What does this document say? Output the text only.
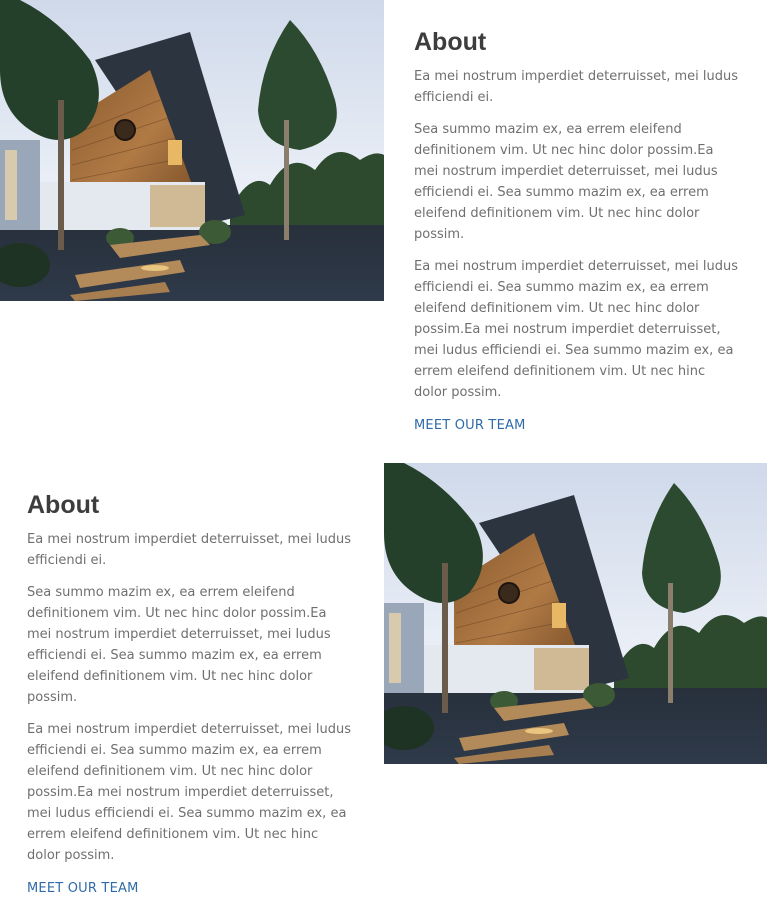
About

Ea mei nostrum imperdiet deterruisset, mei ludus efficiendi ei.

Sea summo mazim ex, ea errem eleifend definitionem vim. Ut nec hinc dolor possim.Ea mei nostrum imperdiet deterruisset, mei ludus efficiendi ei. Sea summo mazim ex, ea errem eleifend definitionem vim. Ut nec hinc dolor possim.

Ea mei nostrum imperdiet deterruisset, mei ludus efficiendi ei. Sea summo mazim ex, ea errem eleifend definitionem vim. Ut nec hinc dolor possim.Ea mei nostrum imperdiet deterruisset, mei ludus efficiendi ei. Sea summo mazim ex, ea errem eleifend definitionem vim. Ut nec hinc dolor possim.

MEET OUR TEAM
About

Ea mei nostrum imperdiet deterruisset, mei ludus efficiendi ei.

Sea summo mazim ex, ea errem eleifend definitionem vim. Ut nec hinc dolor possim.Ea mei nostrum imperdiet deterruisset, mei ludus efficiendi ei. Sea summo mazim ex, ea errem eleifend definitionem vim. Ut nec hinc dolor possim.

Ea mei nostrum imperdiet deterruisset, mei ludus efficiendi ei. Sea summo mazim ex, ea errem eleifend definitionem vim. Ut nec hinc dolor possim.Ea mei nostrum imperdiet deterruisset, mei ludus efficiendi ei. Sea summo mazim ex, ea errem eleifend definitionem vim. Ut nec hinc dolor possim.

MEET OUR TEAM
